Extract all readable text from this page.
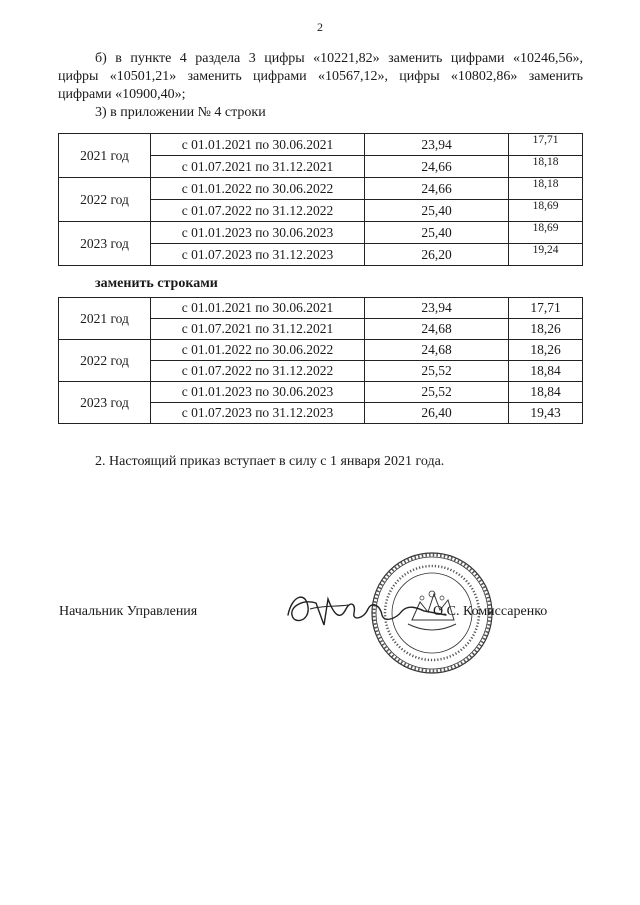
2
б) в пункте 4 раздела 3 цифры «10221,82» заменить цифрами «10246,56»,
цифры «10501,21» заменить цифрами «10567,12», цифры «10802,86» заменить
цифрами «10900,40»;
3) в приложении № 4 строки
2021 год	с 01.01.2021 по 30.06.2021	23,94	17,71
	с 01.07.2021 по 31.12.2021	24,66	18,18
2022 год	с 01.01.2022 по 30.06.2022	24,66	18,18
	с 01.07.2022 по 31.12.2022	25,40	18,69
2023 год	с 01.01.2023 по 30.06.2023	25,40	18,69
	с 01.07.2023 по 31.12.2023	26,20	19,24
заменить строками
2021 год	с 01.01.2021 по 30.06.2021	23,94	17,71
	с 01.07.2021 по 31.12.2021	24,68	18,26
2022 год	с 01.01.2022 по 30.06.2022	24,68	18,26
	с 01.07.2022 по 31.12.2022	25,52	18,84
2023 год	с 01.01.2023 по 30.06.2023	25,52	18,84
	с 01.07.2023 по 31.12.2023	26,40	19,43
2. Настоящий приказ вступает в силу с 1 января 2021 года.
Начальник Управления	О.С. Комиссаренко
